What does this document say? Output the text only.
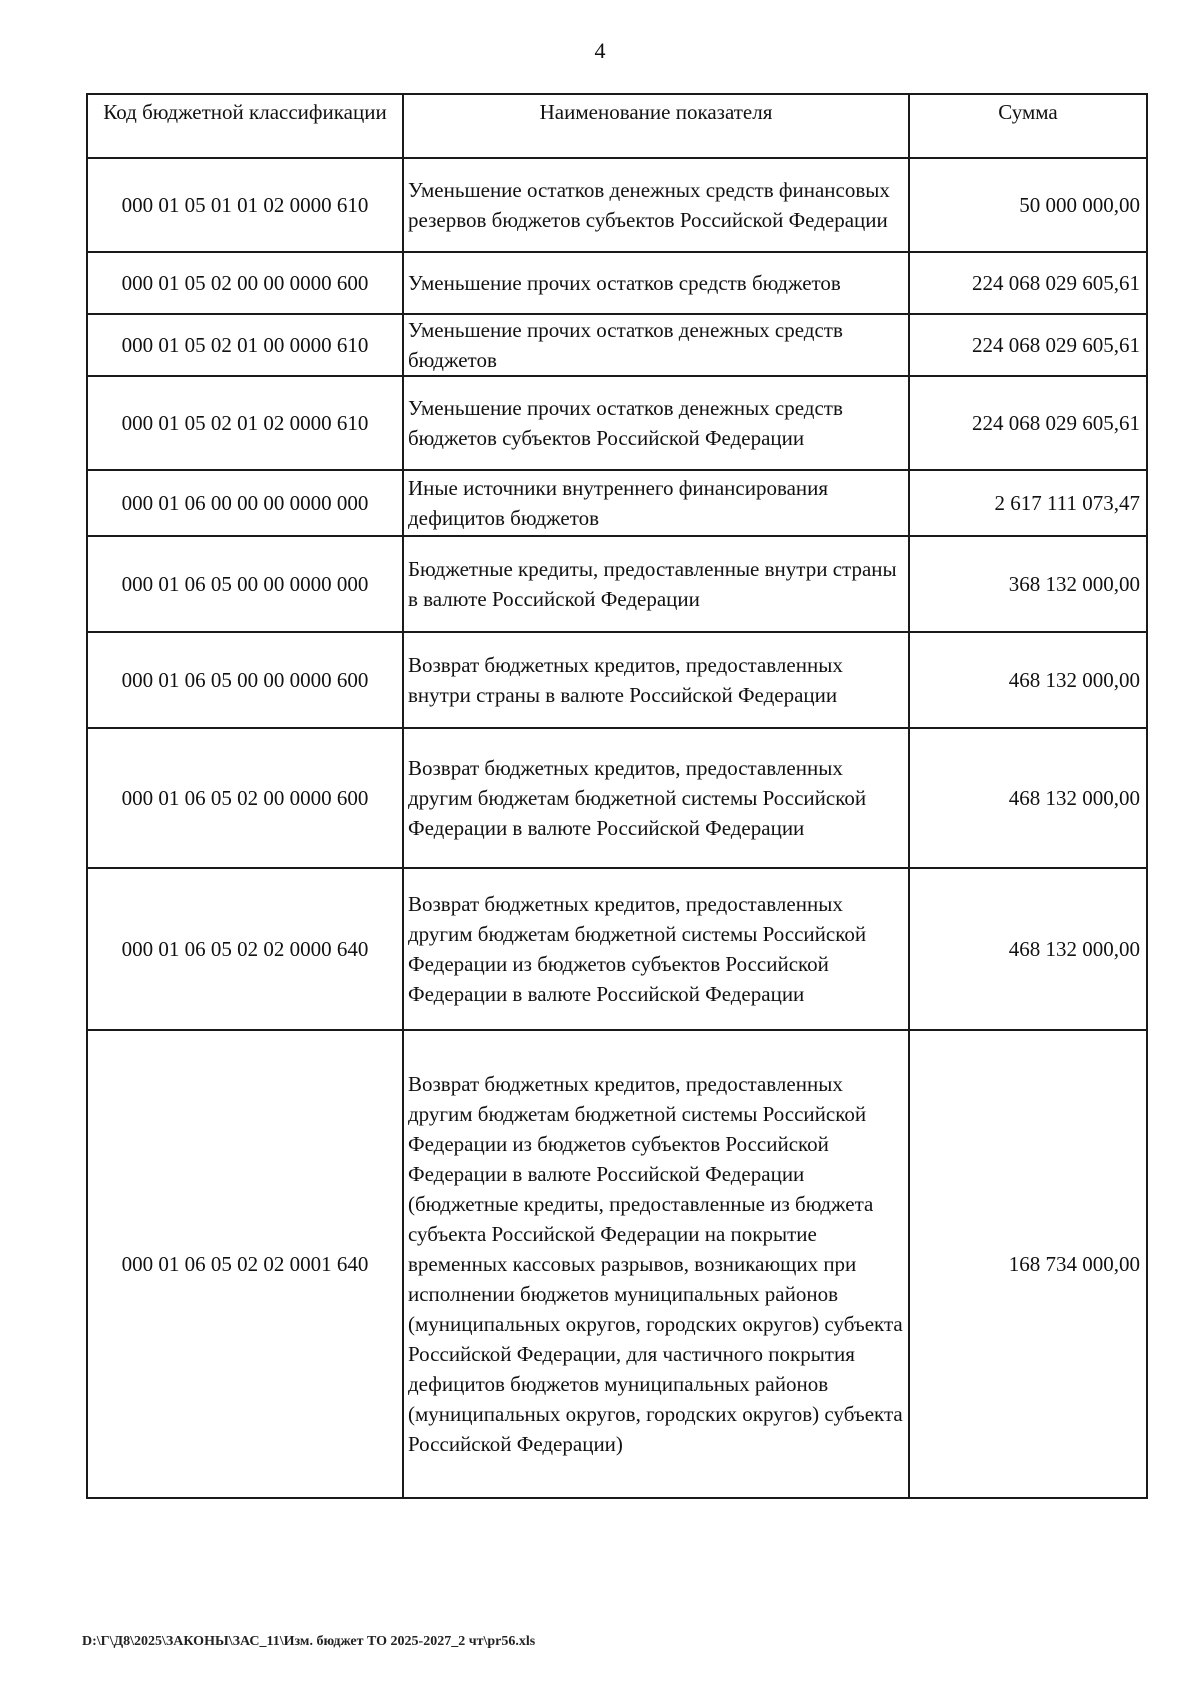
4
Код бюджетной классификации	Наименование показателя	Сумма
000 01 05 01 01 02 0000 610	Уменьшение остатков денежных средств финансовых резервов бюджетов субъектов Российской Федерации	50 000 000,00
000 01 05 02 00 00 0000 600	Уменьшение прочих остатков средств бюджетов	224 068 029 605,61
000 01 05 02 01 00 0000 610	Уменьшение прочих остатков денежных средств бюджетов	224 068 029 605,61
000 01 05 02 01 02 0000 610	Уменьшение прочих остатков денежных средств бюджетов субъектов Российской Федерации	224 068 029 605,61
000 01 06 00 00 00 0000 000	Иные источники внутреннего финансирования дефицитов бюджетов	2 617 111 073,47
000 01 06 05 00 00 0000 000	Бюджетные кредиты, предоставленные внутри страны в валюте Российской Федерации	368 132 000,00
000 01 06 05 00 00 0000 600	Возврат бюджетных кредитов, предоставленных внутри страны в валюте Российской Федерации	468 132 000,00
000 01 06 05 02 00 0000 600	Возврат бюджетных кредитов, предоставленных другим бюджетам бюджетной системы Российской Федерации в валюте Российской Федерации	468 132 000,00
000 01 06 05 02 02 0000 640	Возврат бюджетных кредитов, предоставленных другим бюджетам бюджетной системы Российской Федерации из бюджетов субъектов Российской Федерации в валюте Российской Федерации	468 132 000,00
000 01 06 05 02 02 0001 640	Возврат бюджетных кредитов, предоставленных другим бюджетам бюджетной системы Российской Федерации из бюджетов субъектов Российской Федерации в валюте Российской Федерации (бюджетные кредиты, предоставленные из бюджета субъекта Российской Федерации на покрытие временных кассовых разрывов, возникающих при исполнении бюджетов муниципальных районов (муниципальных округов, городских округов) субъекта Российской Федерации, для частичного покрытия дефицитов бюджетов муниципальных районов (муниципальных округов, городских округов) субъекта Российской Федерации)	168 734 000,00
D:\Г\Д8\2025\ЗАКОНЫ\ЗАС_11\Изм. бюджет ТО 2025-2027_2 чт\pr56.xls
